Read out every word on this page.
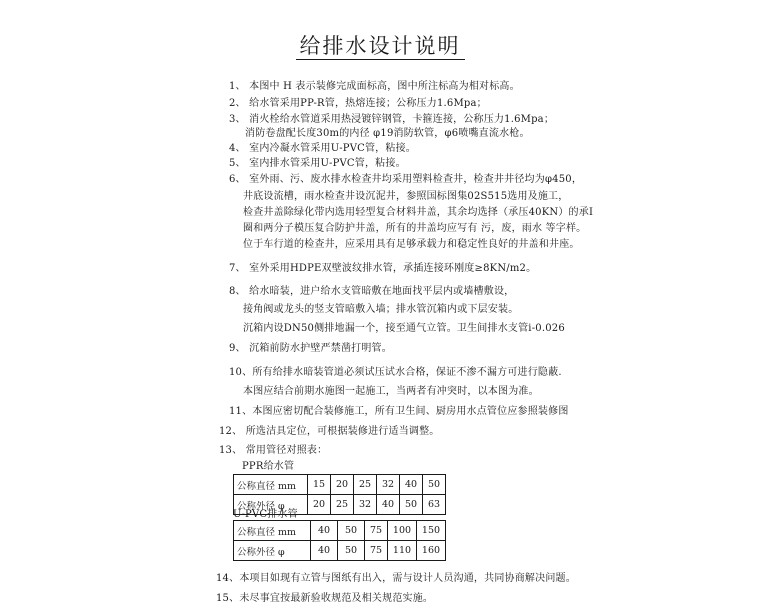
给排水设计说明
1、 本图中 H 表示装修完成面标高，图中所注标高为相对标高。
2、 给水管采用PP-R管，热熔连接；公称压力1.6Mpa；
3、 消火栓给水管道采用热浸镀锌钢管，卡箍连接，公称压力1.6Mpa；
消防卷盘配长度30m的内径 φ19消防软管，φ6喷嘴直流水枪。
4、 室内冷凝水管采用U-PVC管，粘接。
5、 室内排水管采用U-PVC管，粘接。
6、 室外雨、污、废水排水检查井均采用塑料检查井，检查井井径均为φ450，
井底设流槽，雨水检查井设沉泥井，参照国标图集02S515选用及施工，
检查井盖除绿化带内选用轻型复合材料井盖，其余均选择（承压40KN）的承I
圈和两分子模压复合防护井盖，所有的井盖均应写有 污，废，雨水 等字样。
位于车行道的检查井，应采用具有足够承载力和稳定性良好的井盖和井座。
7、 室外采用HDPE双壁波纹排水管，承插连接环刚度≥8KN/m2。
8、 给水暗装，进户给水支管暗敷在地面找平层内或墙槽敷设，
接角阀或龙头的竖支管暗敷入墙；排水管沉箱内或下层安装。
沉箱内设DN50侧排地漏一个，接至通气立管。卫生间排水支管i-0.026
9、 沉箱前防水护壁严禁凿打明管。
10、所有给排水暗装管道必须试压试水合格，保证不渗不漏方可进行隐蔽.
本图应结合前期水施图一起施工，当两者有冲突时，以本图为准。
11、本图应密切配合装修施工，所有卫生间、厨房用水点管位应参照装修图
12、 所选洁具定位，可根据装修进行适当调整。
13、 常用管径对照表：
PPR给水管
公称直径 mm	15	20	25	32	40	50
公称外径 φ	20	25	32	40	50	63
U-PVC排水管
公称直径 mm	40	50	75	100	150
公称外径 φ	40	50	75	110	160
14、本项目如现有立管与图纸有出入，需与设计人员沟通，共同协商解决问题。
15、未尽事宜按最新验收规范及相关规范实施。
